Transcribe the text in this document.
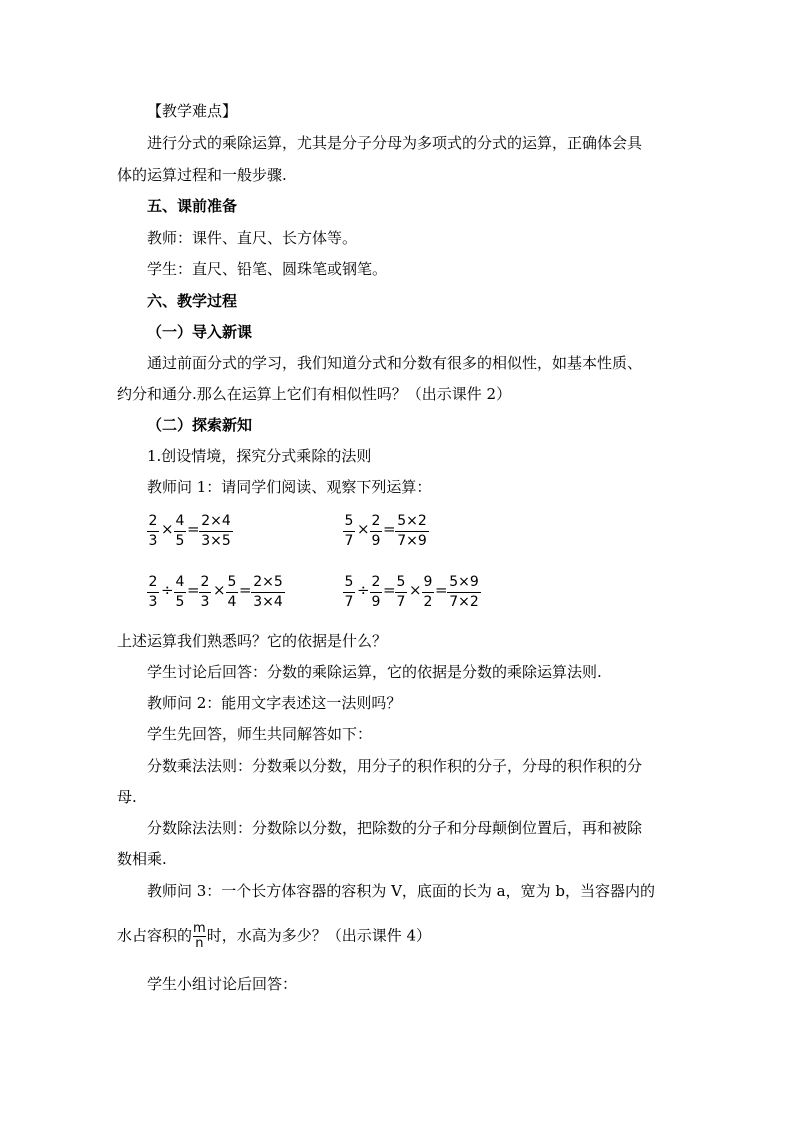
【教学难点】
进行分式的乘除运算，尤其是分子分母为多项式的分式的运算，正确体会具
体的运算过程和一般步骤.
五、课前准备
教师：课件、直尺、长方体等。
学生：直尺、铅笔、圆珠笔或钢笔。
六、教学过程
（一）导入新课
通过前面分式的学习，我们知道分式和分数有很多的相似性，如基本性质、
约分和通分.那么在运算上它们有相似性吗？（出示课件 2）
（二）探索新知
1.创设情境，探究分式乘除的法则
教师问 1：请同学们阅读、观察下列运算：
2
3
× 4
5
= 2×4
3×5
5
7
× 2
9
= 5×2
7×9
2
3
÷ 4
5
= 2
3
× 5
4
= 2×5
3×4
5
7
÷ 2
9
= 5
7
× 9
2
= 5×9
7×2
上述运算我们熟悉吗？它的依据是什么？
学生讨论后回答：分数的乘除运算，它的依据是分数的乘除运算法则.
教师问 2：能用文字表述这一法则吗？
学生先回答，师生共同解答如下：
分数乘法法则：分数乘以分数，用分子的积作积的分子，分母的积作积的分
母.
分数除法法则：分数除以分数，把除数的分子和分母颠倒位置后，再和被除
数相乘.
教师问 3：一个长方体容器的容积为 V，底面的长为 a，宽为 b，当容器内的
水占容积的 $\frac{m}{n}$ 时，水高为多少？（出示课件 4）
学生小组讨论后回答：
